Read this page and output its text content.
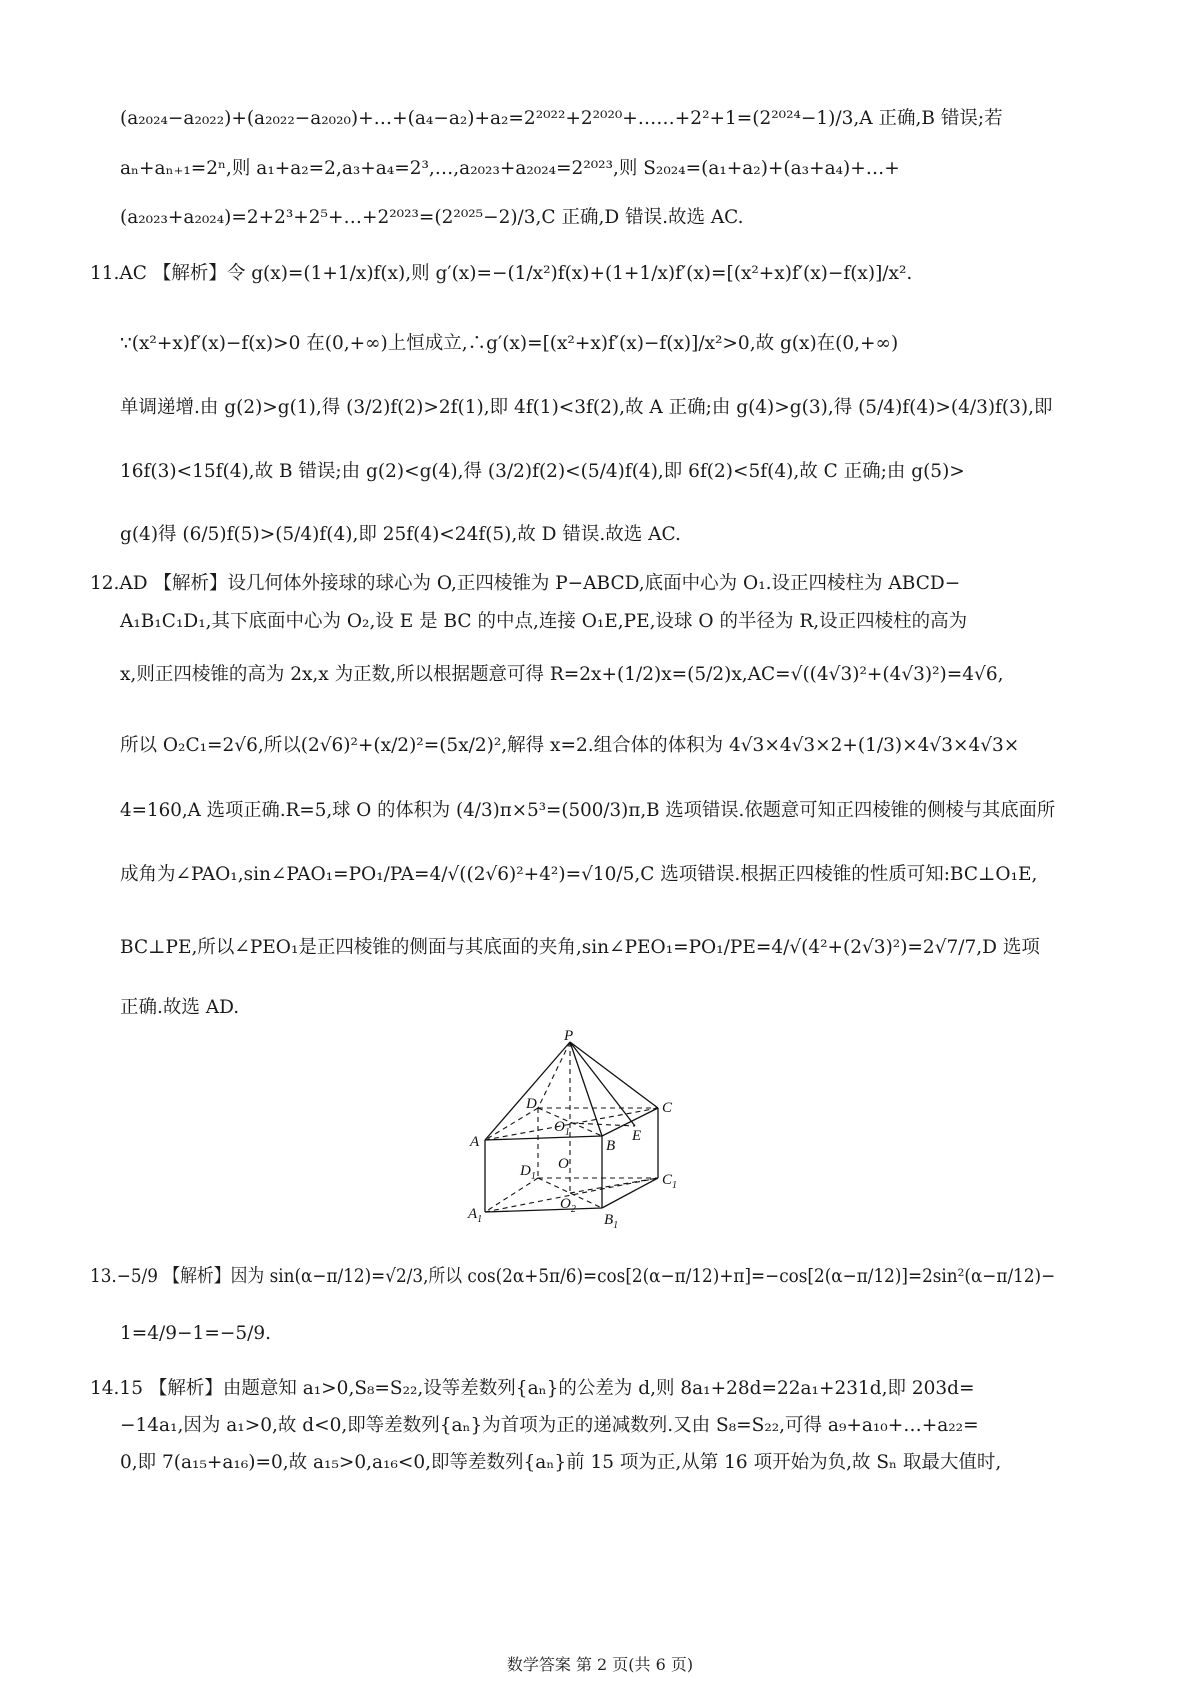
(a₂₀₂₄−a₂₀₂₂)+(a₂₀₂₂−a₂₀₂₀)+…+(a₄−a₂)+a₂=2²⁰²²+2²⁰²⁰+……+2²+1=(2²⁰²⁴−1)/3,A 正确,B 错误;若
aₙ+aₙ₊₁=2ⁿ,则 a₁+a₂=2,a₃+a₄=2³,…,a₂₀₂₃+a₂₀₂₄=2²⁰²³,则 S₂₀₂₄=(a₁+a₂)+(a₃+a₄)+…+
(a₂₀₂₃+a₂₀₂₄)=2+2³+2⁵+…+2²⁰²³=(2²⁰²⁵−2)/3,C 正确,D 错误.故选 AC.
11.AC 【解析】令 g(x)=(1+1/x)f(x),则 g′(x)=−(1/x²)f(x)+(1+1/x)f′(x)=[(x²+x)f′(x)−f(x)]/x².
∵(x²+x)f′(x)−f(x)>0 在(0,+∞)上恒成立,∴g′(x)=[(x²+x)f′(x)−f(x)]/x²>0,故 g(x)在(0,+∞)
单调递增.由 g(2)>g(1),得 (3/2)f(2)>2f(1),即 4f(1)<3f(2),故 A 正确;由 g(4)>g(3),得 (5/4)f(4)>(4/3)f(3),即
16f(3)<15f(4),故 B 错误;由 g(2)<g(4),得 (3/2)f(2)<(5/4)f(4),即 6f(2)<5f(4),故 C 正确;由 g(5)>
g(4)得 (6/5)f(5)>(5/4)f(4),即 25f(4)<24f(5),故 D 错误.故选 AC.
12.AD 【解析】设几何体外接球的球心为 O,正四棱锥为 P−ABCD,底面中心为 O₁.设正四棱柱为 ABCD−
A₁B₁C₁D₁,其下底面中心为 O₂,设 E 是 BC 的中点,连接 O₁E,PE,设球 O 的半径为 R,设正四棱柱的高为
x,则正四棱锥的高为 2x,x 为正数,所以根据题意可得 R=2x+(1/2)x=(5/2)x,AC=√((4√3)²+(4√3)²)=4√6,
所以 O₂C₁=2√6,所以(2√6)²+(x/2)²=(5x/2)²,解得 x=2.组合体的体积为 4√3×4√3×2+(1/3)×4√3×4√3×
4=160,A 选项正确.R=5,球 O 的体积为 (4/3)π×5³=(500/3)π,B 选项错误.依题意可知正四棱锥的侧棱与其底面所
成角为∠PAO₁,sin∠PAO₁=PO₁/PA=4/√((2√6)²+4²)=√10/5,C 选项错误.根据正四棱锥的性质可知:BC⊥O₁E,
BC⊥PE,所以∠PEO₁是正四棱锥的侧面与其底面的夹角,sin∠PEO₁=PO₁/PE=4/√(4²+(2√3)²)=2√7/7,D 选项
正确.故选 AD.
P
D	C
$O_1$	E
A	B
O
$D_1$	$C_1$
$O_2$
$A_1$	$B_1$
13.−5/9 【解析】因为 sin(α−π/12)=√2/3,所以 cos(2α+5π/6)=cos[2(α−π/12)+π]=−cos[2(α−π/12)]=2sin²(α−π/12)−
1=4/9−1=−5/9.
14.15 【解析】由题意知 a₁>0,S₈=S₂₂,设等差数列{aₙ}的公差为 d,则 8a₁+28d=22a₁+231d,即 203d=
−14a₁,因为 a₁>0,故 d<0,即等差数列{aₙ}为首项为正的递减数列.又由 S₈=S₂₂,可得 a₉+a₁₀+…+a₂₂=
0,即 7(a₁₅+a₁₆)=0,故 a₁₅>0,a₁₆<0,即等差数列{aₙ}前 15 项为正,从第 16 项开始为负,故 Sₙ 取最大值时,
数学答案 第 2 页(共 6 页)
